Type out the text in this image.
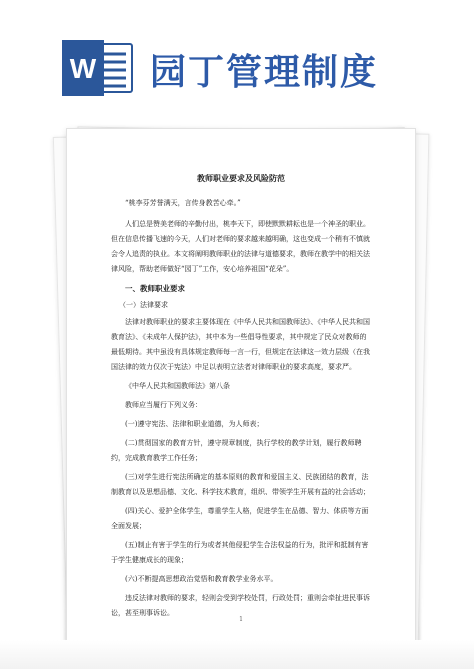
W 园丁管理制度
教师职业要求及风险防范
“桃李芬芳誉满天，言传身教苦心牵。”
人们总是赞美老师的辛勤付出，桃李天下，即使默默耕耘也是一个神圣的职业。但在信息传播飞速的今天，人们对老师的要求越来越明确，这也变成一个稍有不慎就会令人追责的执业。本文将阐明教师职业的法律与道德要求，教师在教学中的相关法律风险，帮助老师做好“园丁”工作，安心培养祖国“花朵”。
一、教师职业要求
（一）法律要求
法律对教师职业的要求主要体现在《中华人民共和国教师法》、《中华人民共和国教育法》、《未成年人保护法》，其中本为一些倡导性要求，其中规定了民众对教师的最低期待。其中虽没有具体规定教师每一言一行，但规定在法律这一效力层级（在我国法律的效力仅次于宪法）中足以表明立法者对律师职业的要求高度，要求严。
《中华人民共和国教师法》第八条
教师应当履行下列义务：
(一)遵守宪法、法律和职业道德，为人师表；
(二)贯彻国家的教育方针，遵守规章制度，执行学校的教学计划，履行教师聘约，完成教育教学工作任务；
(三)对学生进行宪法所确定的基本原则的教育和爱国主义、民族团结的教育，法制教育以及思想品德、文化、科学技术教育，组织、带领学生开展有益的社会活动；
(四)关心、爱护全体学生，尊重学生人格，促进学生在品德、智力、体质等方面全面发展；
(五)制止有害于学生的行为或者其他侵犯学生合法权益的行为，批评和抵制有害于学生健康成长的现象；
(六)不断提高思想政治觉悟和教育教学业务水平。
违反法律对教师的要求，轻则会受到学校处罚，行政处罚；重则会牵扯进民事诉讼，甚至刑事诉讼。
1
